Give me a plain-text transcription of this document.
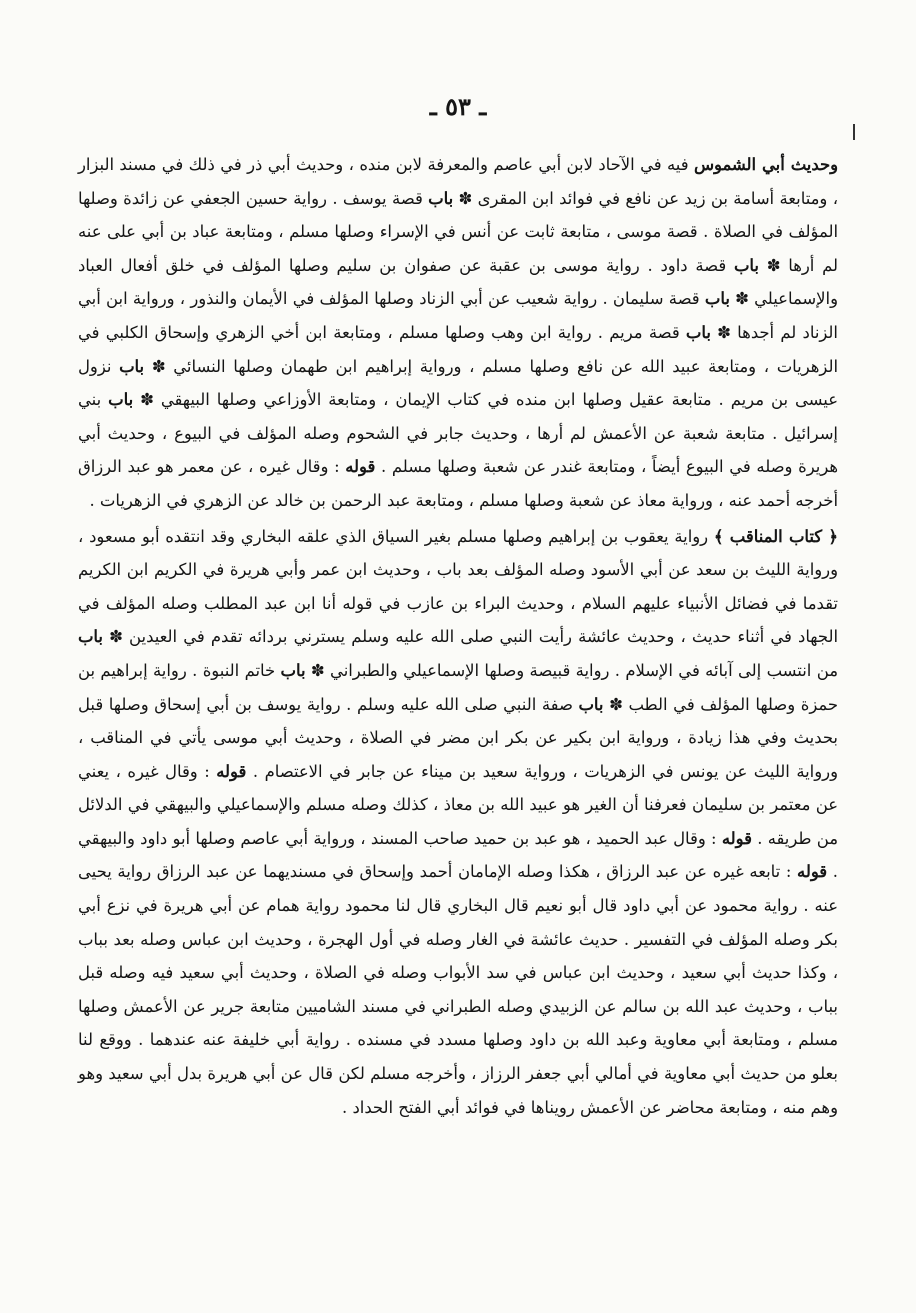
ـ ٥٣ ـ

وحديث أبي الشموس فيه في الآحاد لابن أبي عاصم والمعرفة لابن منده ، وحديث أبي ذر في ذلك في مسند البزار ، ومتابعة أسامة بن زيد عن نافع في فوائد ابن المقرى ✽ باب قصة يوسف . رواية حسين الجعفي عن زائدة وصلها المؤلف في الصلاة . قصة موسى ، متابعة ثابت عن أنس في الإسراء وصلها مسلم ، ومتابعة عباد بن أبي على عنه لم أرها ✽ باب قصة داود . رواية موسى بن عقبة عن صفوان بن سليم وصلها المؤلف في خلق أفعال العباد والإسماعيلي ✽ باب قصة سليمان . رواية شعيب عن أبي الزناد وصلها المؤلف في الأيمان والنذور ، ورواية ابن أبي الزناد لم أجدها ✽ باب قصة مريم . رواية ابن وهب وصلها مسلم ، ومتابعة ابن أخي الزهري وإسحاق الكلبي في الزهريات ، ومتابعة عبيد الله عن نافع وصلها مسلم ، ورواية إبراهيم ابن طهمان وصلها النسائي ✽ باب نزول عيسى بن مريم . متابعة عقيل وصلها ابن منده في كتاب الإيمان ، ومتابعة الأوزاعي وصلها البيهقي ✽ باب بني إسرائيل . متابعة شعبة عن الأعمش لم أرها ، وحديث جابر في الشحوم وصله المؤلف في البيوع ، وحديث أبي هريرة وصله في البيوع أيضاً ، ومتابعة غندر عن شعبة وصلها مسلم . قوله : وقال غيره ، عن معمر هو عبد الرزاق أخرجه أحمد عنه ، ورواية معاذ عن شعبة وصلها مسلم ، ومتابعة عبد الرحمن بن خالد عن الزهري في الزهريات .

﴿ كتاب المناقب ﴾ رواية يعقوب بن إبراهيم وصلها مسلم بغير السياق الذي علقه البخاري وقد انتقده أبو مسعود ، ورواية الليث بن سعد عن أبي الأسود وصله المؤلف بعد باب ، وحديث ابن عمر وأبي هريرة في الكريم ابن الكريم تقدما في فضائل الأنبياء عليهم السلام ، وحديث البراء بن عازب في قوله أنا ابن عبد المطلب وصله المؤلف في الجهاد في أثناء حديث ، وحديث عائشة رأيت النبي صلى الله عليه وسلم يسترني بردائه تقدم في العيدين ✽ باب من انتسب إلى آبائه في الإسلام . رواية قبيصة وصلها الإسماعيلي والطبراني ✽ باب خاتم النبوة . رواية إبراهيم بن حمزة وصلها المؤلف في الطب ✽ باب صفة النبي صلى الله عليه وسلم . رواية يوسف بن أبي إسحاق وصلها قبل بحديث وفي هذا زيادة ، ورواية ابن بكير عن بكر ابن مضر في الصلاة ، وحديث أبي موسى يأتي في المناقب ، ورواية الليث عن يونس في الزهريات ، ورواية سعيد بن ميناء عن جابر في الاعتصام . قوله : وقال غيره ، يعني عن معتمر بن سليمان فعرفنا أن الغير هو عبيد الله بن معاذ ، كذلك وصله مسلم والإسماعيلي والبيهقي في الدلائل من طريقه . قوله : وقال عبد الحميد ، هو عبد بن حميد صاحب المسند ، ورواية أبي عاصم وصلها أبو داود والبيهقي . قوله : تابعه غيره عن عبد الرزاق ، هكذا وصله الإمامان أحمد وإسحاق في مسنديهما عن عبد الرزاق رواية يحيى عنه . رواية محمود عن أبي داود قال أبو نعيم قال البخاري قال لنا محمود رواية همام عن أبي هريرة في نزع أبي بكر وصله المؤلف في التفسير . حديث عائشة في الغار وصله في أول الهجرة ، وحديث ابن عباس وصله بعد بباب ، وكذا حديث أبي سعيد ، وحديث ابن عباس في سد الأبواب وصله في الصلاة ، وحديث أبي سعيد فيه وصله قبل بباب ، وحديث عبد الله بن سالم عن الزبيدي وصله الطبراني في مسند الشاميين متابعة جرير عن الأعمش وصلها مسلم ، ومتابعة أبي معاوية وعبد الله بن داود وصلها مسدد في مسنده . رواية أبي خليفة عنه عندهما . ووقع لنا بعلو من حديث أبي معاوية في أمالي أبي جعفر الرزاز ، وأخرجه مسلم لكن قال عن أبي هريرة بدل أبي سعيد وهو وهم منه ، ومتابعة محاضر عن الأعمش رويناها في فوائد أبي الفتح الحداد .
